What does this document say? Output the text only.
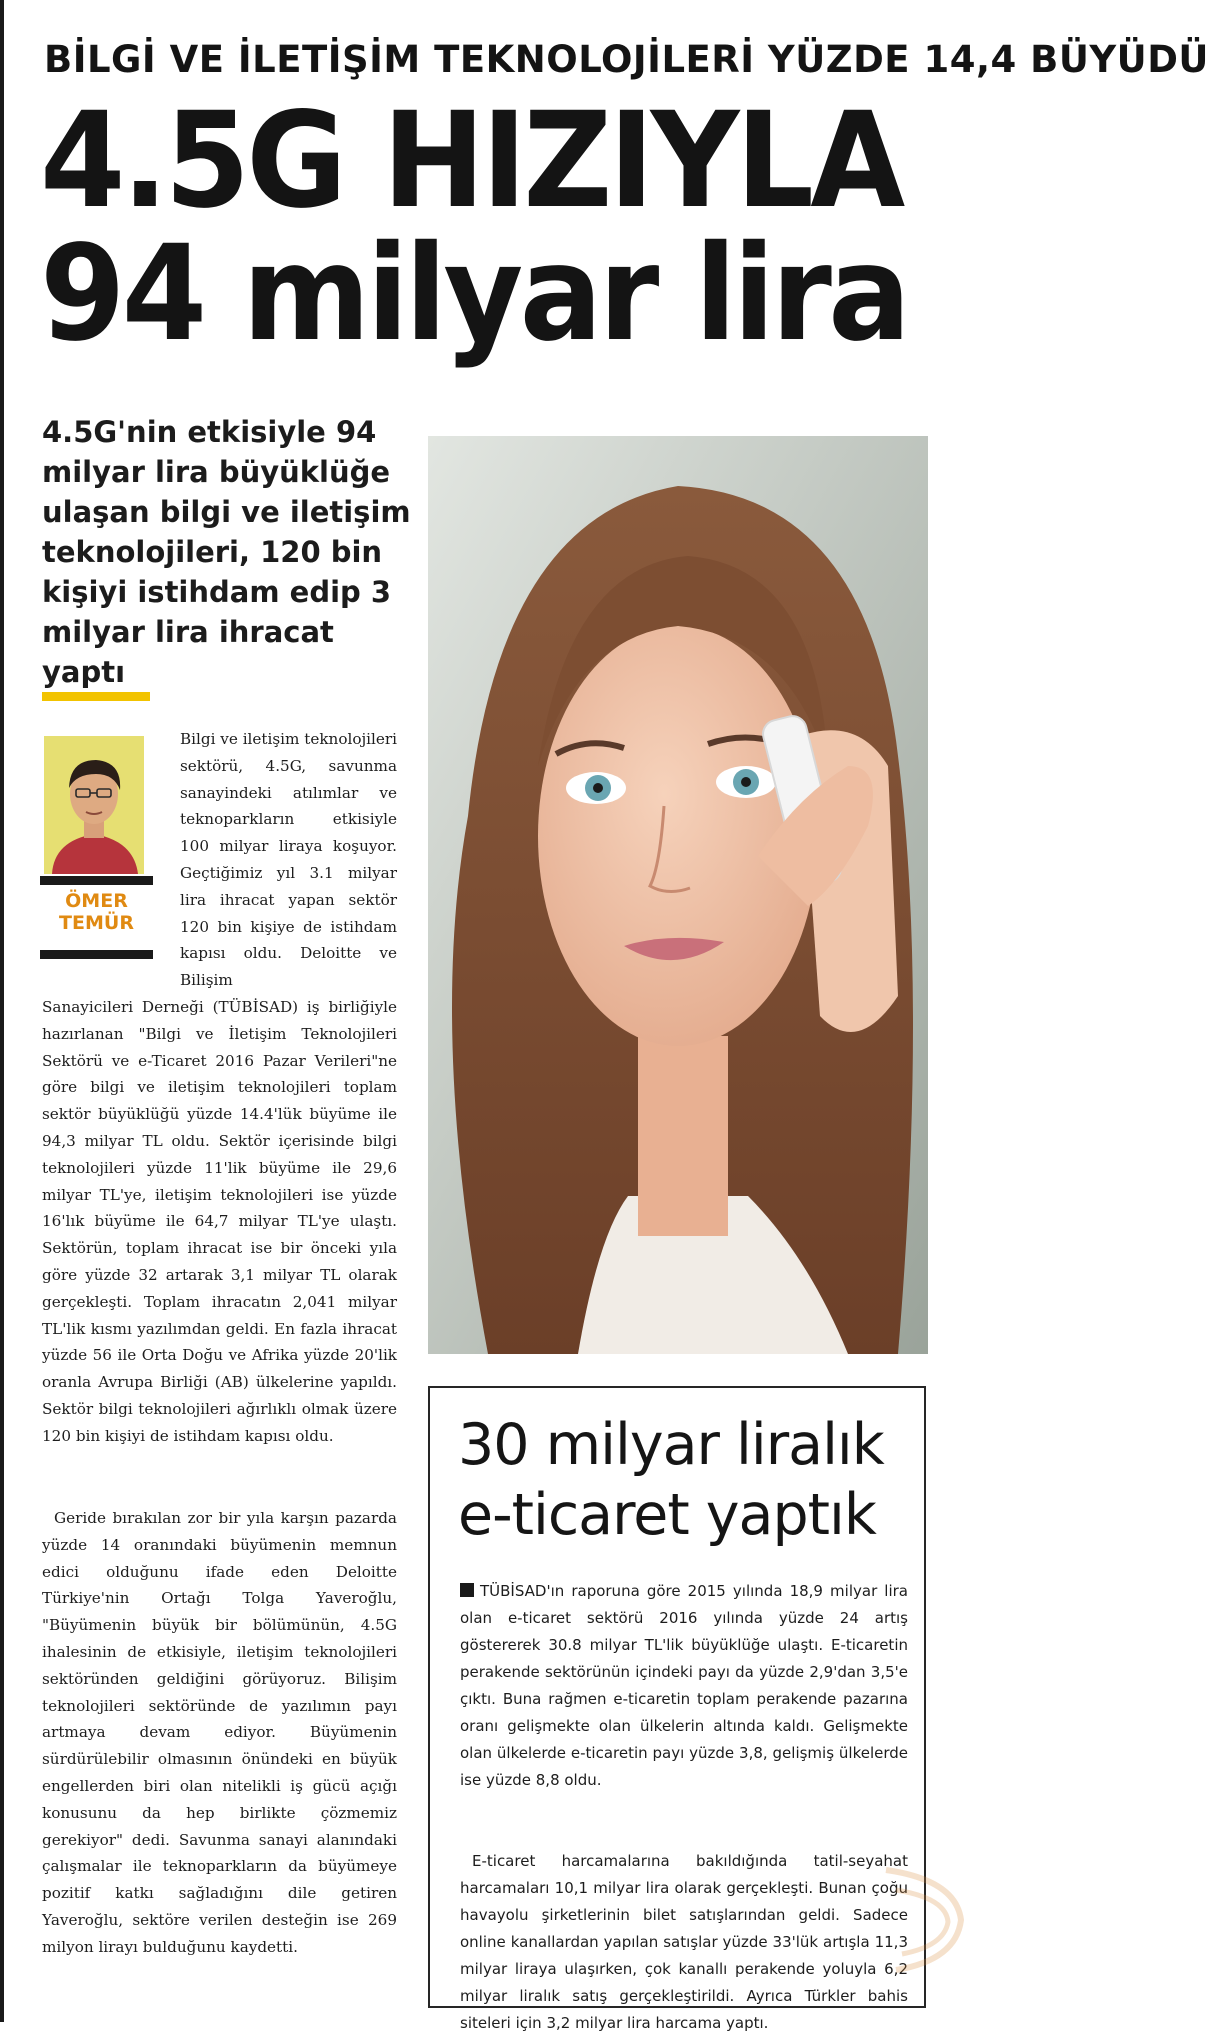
BİLGİ VE İLETİŞİM TEKNOLOJİLERİ YÜZDE 14,4 BÜYÜDÜ
4.5G HIZIYLA
94 milyar lira
4.5G'nin etkisiyle 94 milyar lira büyüklüğe ulaşan bilgi ve iletişim teknolojileri, 120 bin kişiyi istihdam edip 3 milyar lira ihracat yaptı
ÖMER
TEMÜR
Bilgi ve iletişim teknolojileri sektörü, 4.5G, savunma sanayindeki atılımlar ve teknoparkların etkisiyle 100 milyar liraya koşuyor. Geçtiğimiz yıl 3.1 milyar lira ihracat yapan sektör 120 bin kişiye de istihdam kapısı oldu. Deloitte ve Bilişim
Sanayicileri Derneği (TÜBİSAD) iş birliğiyle hazırlanan "Bilgi ve İletişim Teknolojileri Sektörü ve e-Ticaret 2016 Pazar Verileri"ne göre bilgi ve iletişim teknolojileri toplam sektör büyüklüğü yüzde 14.4'lük büyüme ile 94,3 milyar TL oldu. Sektör içerisinde bilgi teknolojileri yüzde 11'lik büyüme ile 29,6 milyar TL'ye, iletişim teknolojileri ise yüzde 16'lık büyüme ile 64,7 milyar TL'ye ulaştı. Sektörün, toplam ihracat ise bir önceki yıla göre yüzde 32 artarak 3,1 milyar TL olarak gerçekleşti. Toplam ihracatın 2,041 milyar TL'lik kısmı yazılımdan geldi. En fazla ihracat yüzde 56 ile Orta Doğu ve Afrika yüzde 20'lik oranla Avrupa Birliği (AB) ülkelerine yapıldı. Sektör bilgi teknolojileri ağırlıklı olmak üzere 120 bin kişiyi de istihdam kapısı oldu.
Geride bırakılan zor bir yıla karşın pazarda yüzde 14 oranındaki büyümenin memnun edici olduğunu ifade eden Deloitte Türkiye'nin Ortağı Tolga Yaveroğlu, "Büyümenin büyük bir bölümünün, 4.5G ihalesinin de etkisiyle, iletişim teknolojileri sektöründen geldiğini görüyoruz. Bilişim teknolojileri sektöründe de yazılımın payı artmaya devam ediyor. Büyümenin sürdürülebilir olmasının önündeki en büyük engellerden biri olan nitelikli iş gücü açığı konusunu da hep birlikte çözmemiz gerekiyor" dedi. Savunma sanayi alanındaki çalışmalar ile teknoparkların da büyümeye pozitif katkı sağladığını dile getiren Yaveroğlu, sektöre verilen desteğin ise 269 milyon lirayı bulduğunu kaydetti.
30 milyar liralık
e-ticaret yaptık
TÜBİSAD'ın raporuna göre 2015 yılında 18,9 milyar lira olan e-ticaret sektörü 2016 yılında yüzde 24 artış göstererek 30.8 milyar TL'lik büyüklüğe ulaştı. E-ticaretin perakende sektörünün içindeki payı da yüzde 2,9'dan 3,5'e çıktı. Buna rağmen e-ticaretin toplam perakende pazarına oranı gelişmekte olan ülkelerin altında kaldı. Gelişmekte olan ülkelerde e-ticaretin payı yüzde 3,8, gelişmiş ülkelerde ise yüzde 8,8 oldu.
E-ticaret harcamalarına bakıldığında tatil-seyahat harcamaları 10,1 milyar lira olarak gerçekleşti. Bunan çoğu havayolu şirketlerinin bilet satışlarından geldi. Sadece online kanallardan yapılan satışlar yüzde 33'lük artışla 11,3 milyar liraya ulaşırken, çok kanallı perakende yoluyla 6,2 milyar liralık satış gerçekleştirildi. Ayrıca Türkler bahis siteleri için 3,2 milyar lira harcama yaptı.
